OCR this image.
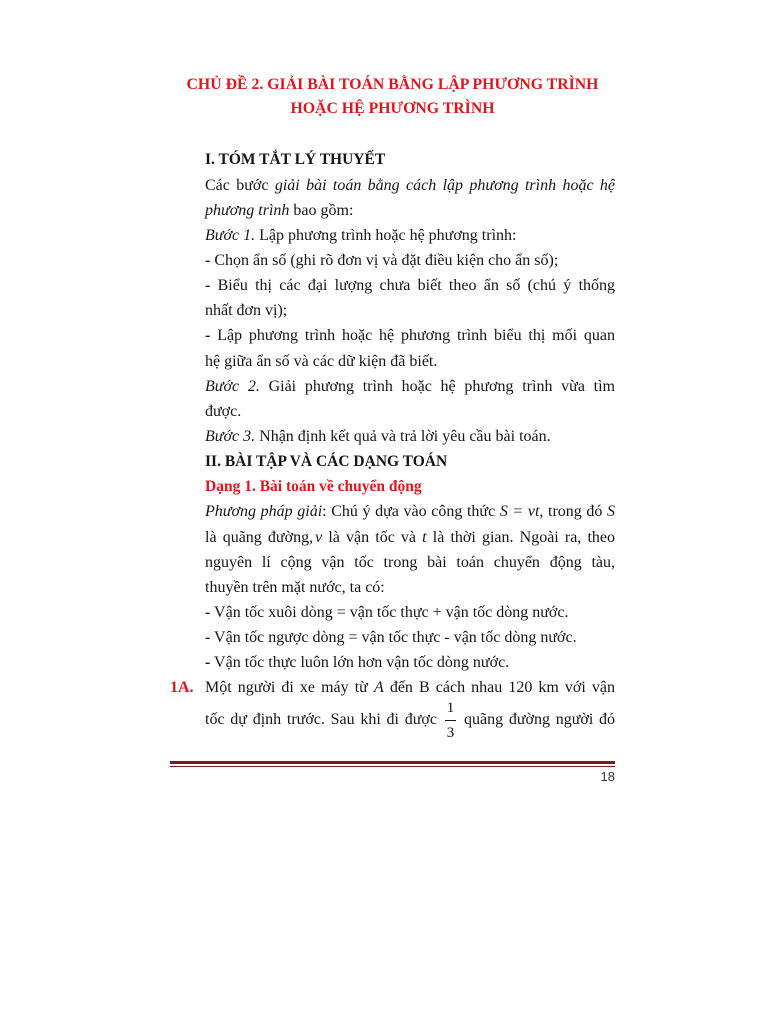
CHỦ ĐỀ 2. GIẢI BÀI TOÁN BẰNG LẬP PHƯƠNG TRÌNH
HOẶC HỆ PHƯƠNG TRÌNH
I. TÓM TẮT LÝ THUYẾT
Các bước giải bài toán bằng cách lập phương trình hoặc hệ
phương trình bao gồm:
Bước 1. Lập phương trình hoặc hệ phương trình:
- Chọn ẩn số (ghi rõ đơn vị và đặt điều kiện cho ẩn số);
- Biểu thị các đại lượng chưa biết theo ẩn số (chú ý thống
nhất đơn vị);
- Lập phương trình hoặc hệ phương trình biểu thị mối quan
hệ giữa ẩn số và các dữ kiện đã biết.
Bước 2. Giải phương trình hoặc hệ phương trình vừa tìm
được.
Bước 3. Nhận định kết quả và trả lời yêu cầu bài toán.
II. BÀI TẬP VÀ CÁC DẠNG TOÁN
Dạng 1. Bài toán về chuyển động
Phương pháp giải: Chú ý dựa vào công thức S = vt, trong đó S
là quãng đường, v là vận tốc và t là thời gian. Ngoài ra, theo
nguyên lí cộng vận tốc trong bài toán chuyển động tàu,
thuyền trên mặt nước, ta có:
- Vận tốc xuôi dòng = vận tốc thực + vận tốc dòng nước.
- Vận tốc ngược dòng = vận tốc thực - vận tốc dòng nước.
- Vận tốc thực luôn lớn hơn vận tốc dòng nước.
1A. Một người đi xe máy từ A đến B cách nhau 120 km với vận
tốc dự định trước. Sau khi đi được $\frac{1}{3}$ quãng đường người đó
18
